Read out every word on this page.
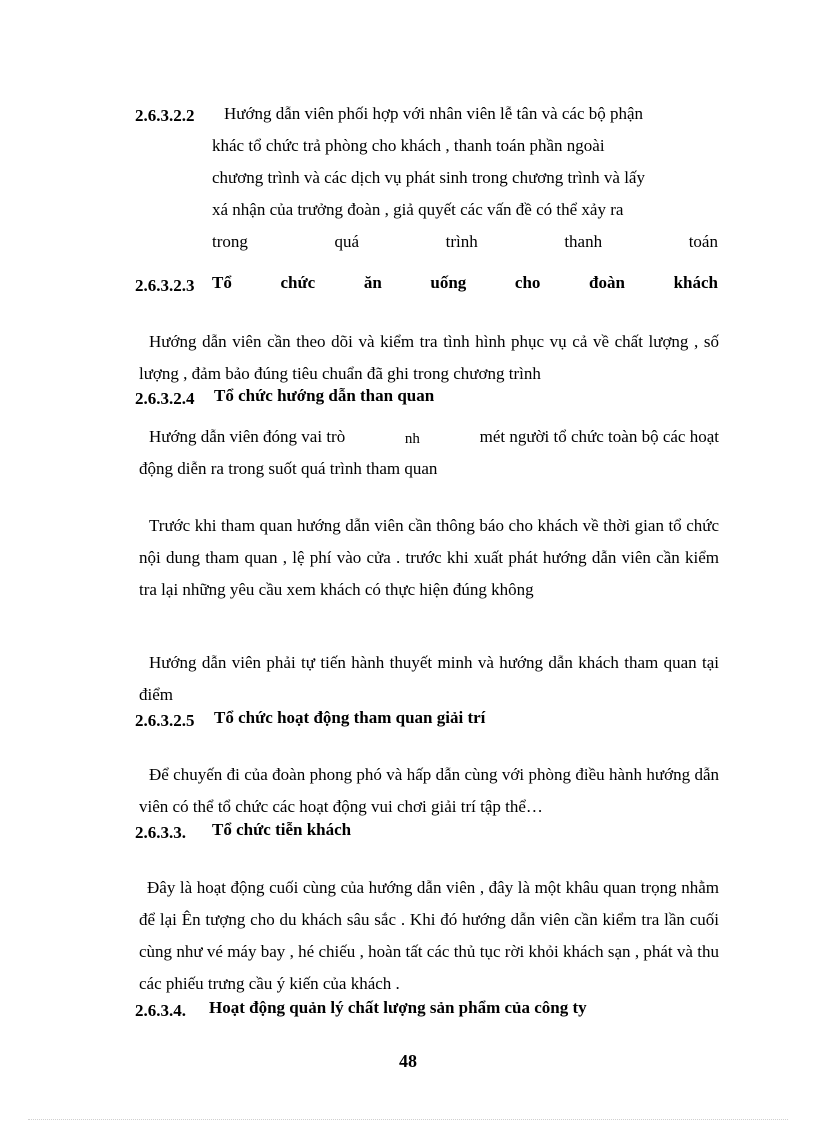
2.6.3.2.2 Hướng dẫn viên phối hợp với nhân viên lễ tân và các bộ phận
khác tổ chức trả phòng cho khách , thanh toán phần ngoài
chương trình và các dịch vụ phát sinh trong chương trình và lấy
xá nhận của trưởng đoàn , giả quyết các vấn đề có thể xảy ra
trong	quá	trình	thanh	toán
2.6.3.2.3 Tổ	chức	ăn	uống	cho	đoàn	khách

Hướng dẫn viên cần theo dõi và kiểm tra tình hình phục vụ cả về chất lượng , số lượng , đảm bảo đúng tiêu chuẩn đã ghi trong chương trình

2.6.3.2.4 Tổ chức hướng dẫn than quan
Hướng dẫn viên đóng vai trò	nh	mét người tổ chức toàn bộ các hoạt
động diễn ra trong suốt quá trình tham quan

Trước khi tham quan hướng dẫn viên cần thông báo cho khách về thời gian tổ chức nội dung tham quan , lệ phí vào cửa . trước khi xuất phát hướng dẫn viên cần kiểm tra lại những yêu cầu xem khách có thực hiện đúng không

Hướng dẫn viên phải tự tiến hành thuyết minh và hướng dẫn khách tham quan tại điểm

2.6.3.2.5 Tổ chức hoạt động tham quan giải trí

Để chuyến đi của đoàn phong phó và hấp dẫn cùng với phòng điều hành hướng dẫn viên có thể tổ chức các hoạt động vui chơi giải trí tập thể…

2.6.3.3. Tổ chức tiễn khách

Đây là hoạt động cuối cùng của hướng dẫn viên , đây là một khâu quan trọng nhằm để lại Ên tượng cho du khách sâu sắc . Khi đó hướng dẫn viên cần kiểm tra lần cuối cùng như vé máy bay , hé chiếu , hoàn tất các thủ tục rời khỏi khách sạn , phát và thu các phiếu trưng cầu ý kiến của khách .

2.6.3.4. Hoạt động quản lý chất lượng sản phẩm của công ty
48
